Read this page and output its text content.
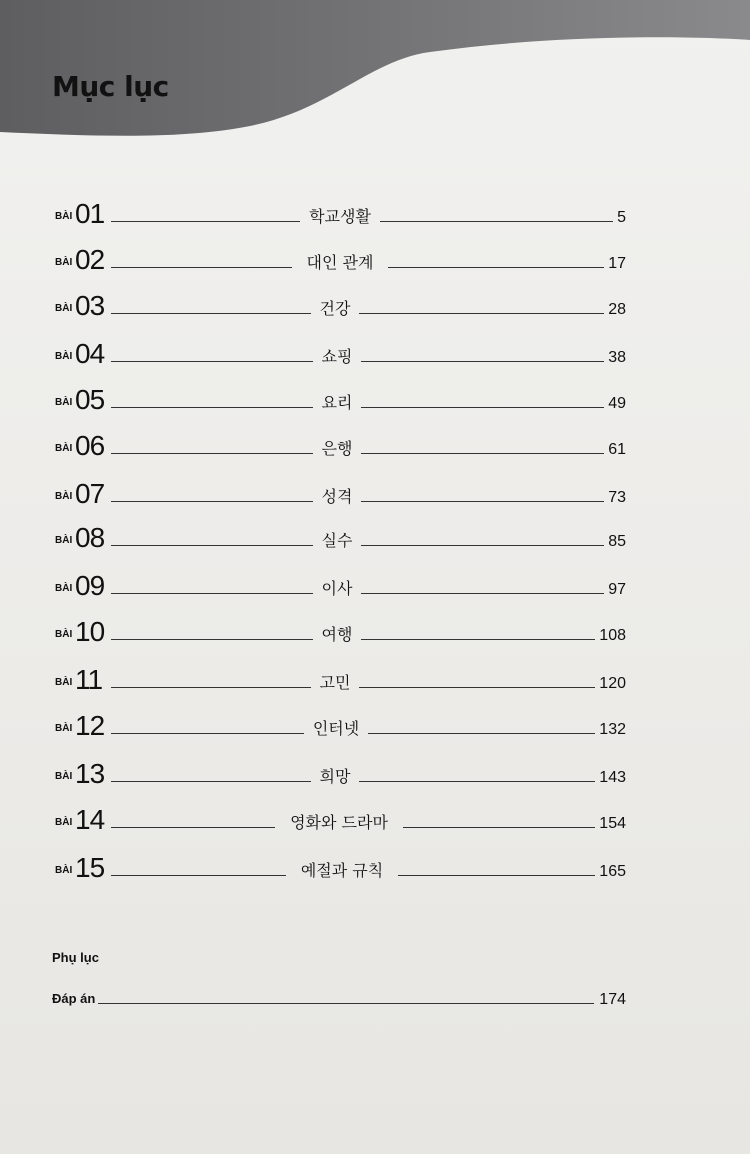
Mục lục
BÀI 01	학교생활	5
BÀI 02	대인 관계	17
BÀI 03	건강	28
BÀI 04	쇼핑	38
BÀI 05	요리	49
BÀI 06	은행	61
BÀI 07	성격	73
BÀI 08	실수	85
BÀI 09	이사	97
BÀI 10	여행	108
BÀI 11	고민	120
BÀI 12	인터넷	132
BÀI 13	희망	143
BÀI 14	영화와 드라마	154
BÀI 15	예절과 규칙	165
Phụ lục
Đáp án	174
